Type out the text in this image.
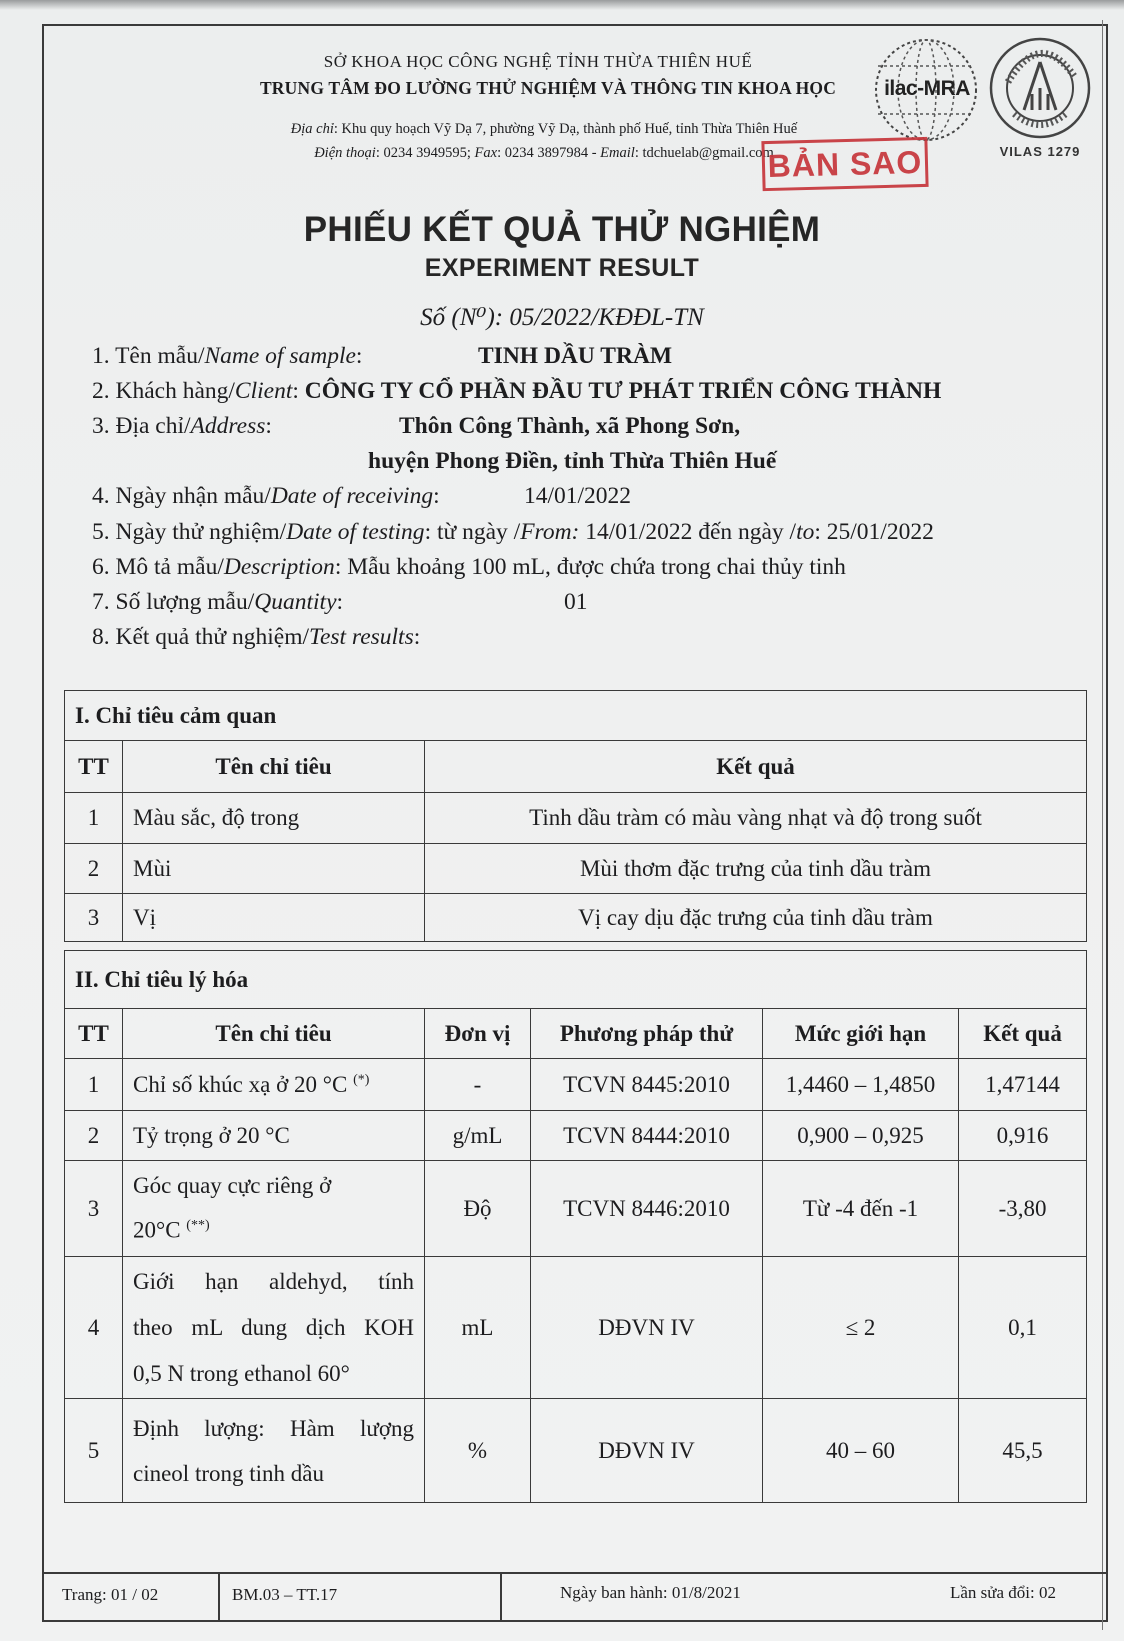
SỞ KHOA HỌC CÔNG NGHỆ TỈNH THỪA THIÊN HUẾ
TRUNG TÂM ĐO LƯỜNG THỬ NGHIỆM VÀ THÔNG TIN KHOA HỌC
Địa chỉ: Khu quy hoạch Vỹ Dạ 7, phường Vỹ Dạ, thành phố Huế, tỉnh Thừa Thiên Huế
Điện thoại: 0234 3949595; Fax: 0234 3897984 - Email: tdchuelab@gmail.com
ilac-MRA
VILAS 1279
BẢN SAO
PHIẾU KẾT QUẢ THỬ NGHIỆM
EXPERIMENT RESULT
Số (N⁰): 05/2022/KĐĐL-TN
1. Tên mẫu/Name of sample:	TINH DẦU TRÀM
2. Khách hàng/Client: CÔNG TY CỔ PHẦN ĐẦU TƯ PHÁT TRIỂN CÔNG THÀNH
3. Địa chỉ/Address:	Thôn Công Thành, xã Phong Sơn,
huyện Phong Điền, tỉnh Thừa Thiên Huế
4. Ngày nhận mẫu/Date of receiving:	14/01/2022
5. Ngày thử nghiệm/Date of testing: từ ngày /From: 14/01/2022 đến ngày /to: 25/01/2022
6. Mô tả mẫu/Description: Mẫu khoảng 100 mL, được chứa trong chai thủy tinh
7. Số lượng mẫu/Quantity:	01
8. Kết quả thử nghiệm/Test results:
I. Chỉ tiêu cảm quan		
TT	Tên chỉ tiêu	Kết quả
1	Màu sắc, độ trong	Tinh dầu tràm có màu vàng nhạt và độ trong suốt
2	Mùi	Mùi thơm đặc trưng của tinh dầu tràm
3	Vị	Vị cay dịu đặc trưng của tinh dầu tràm
II. Chỉ tiêu lý hóa					
TT	Tên chỉ tiêu	Đơn vị	Phương pháp thử	Mức giới hạn	Kết quả
1	Chỉ số khúc xạ ở 20 °C (*)	-	TCVN 8445:2010	1,4460 – 1,4850	1,47144
2	Tỷ trọng ở 20 °C	g/mL	TCVN 8444:2010	0,900 – 0,925	0,916
3	Góc quay cực riêng ở
20°C (**)	Độ	TCVN 8446:2010	Từ -4 đến -1	-3,80
4	Giới hạn aldehyd, tính
theo mL dung dịch KOH
0,5 N trong ethanol 60°	mL	DĐVN IV	≤ 2	0,1
5	Định lượng: Hàm lượng
cineol trong tinh dầu	%	DĐVN IV	40 – 60	45,5
Trang: 01 / 02	BM.03 – TT.17	Ngày ban hành: 01/8/2021	Lần sửa đổi: 02
